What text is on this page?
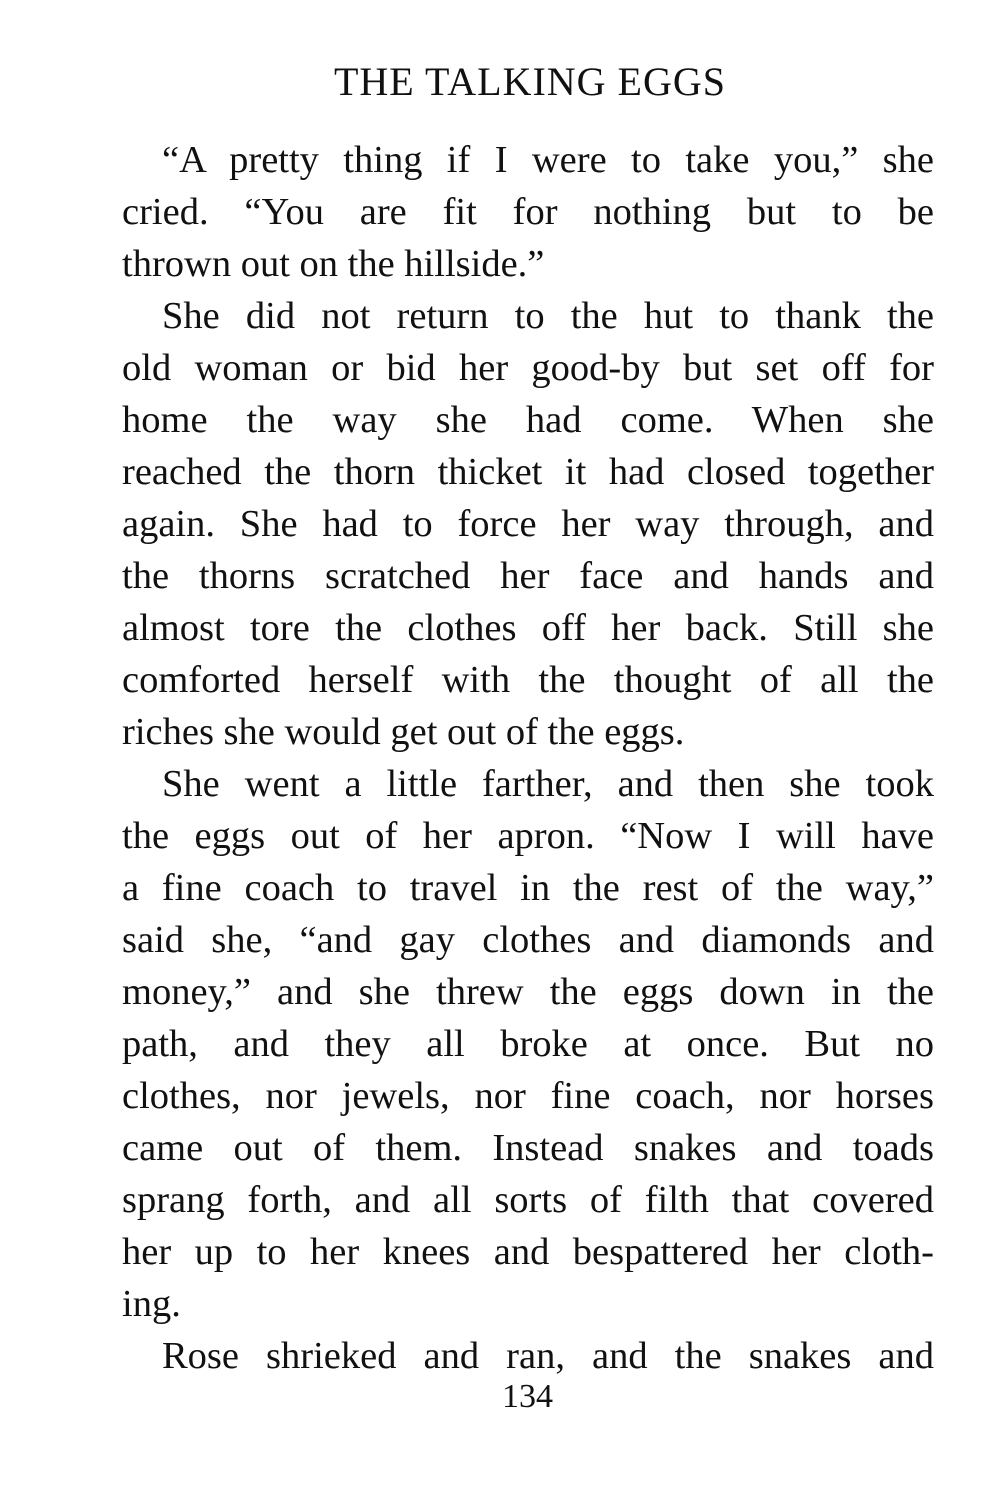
THE TALKING EGGS
“A pretty thing if I were to take you,” she
cried. “You are fit for nothing but to be
thrown out on the hillside.”
She did not return to the hut to thank the
old woman or bid her good-by but set off for
home the way she had come. When she
reached the thorn thicket it had closed together
again. She had to force her way through, and
the thorns scratched her face and hands and
almost tore the clothes off her back. Still she
comforted herself with the thought of all the
riches she would get out of the eggs.
She went a little farther, and then she took
the eggs out of her apron. “Now I will have
a fine coach to travel in the rest of the way,”
said she, “and gay clothes and diamonds and
money,” and she threw the eggs down in the
path, and they all broke at once. But no
clothes, nor jewels, nor fine coach, nor horses
came out of them. Instead snakes and toads
sprang forth, and all sorts of filth that covered
her up to her knees and bespattered her cloth-
ing.
Rose shrieked and ran, and the snakes and
134
